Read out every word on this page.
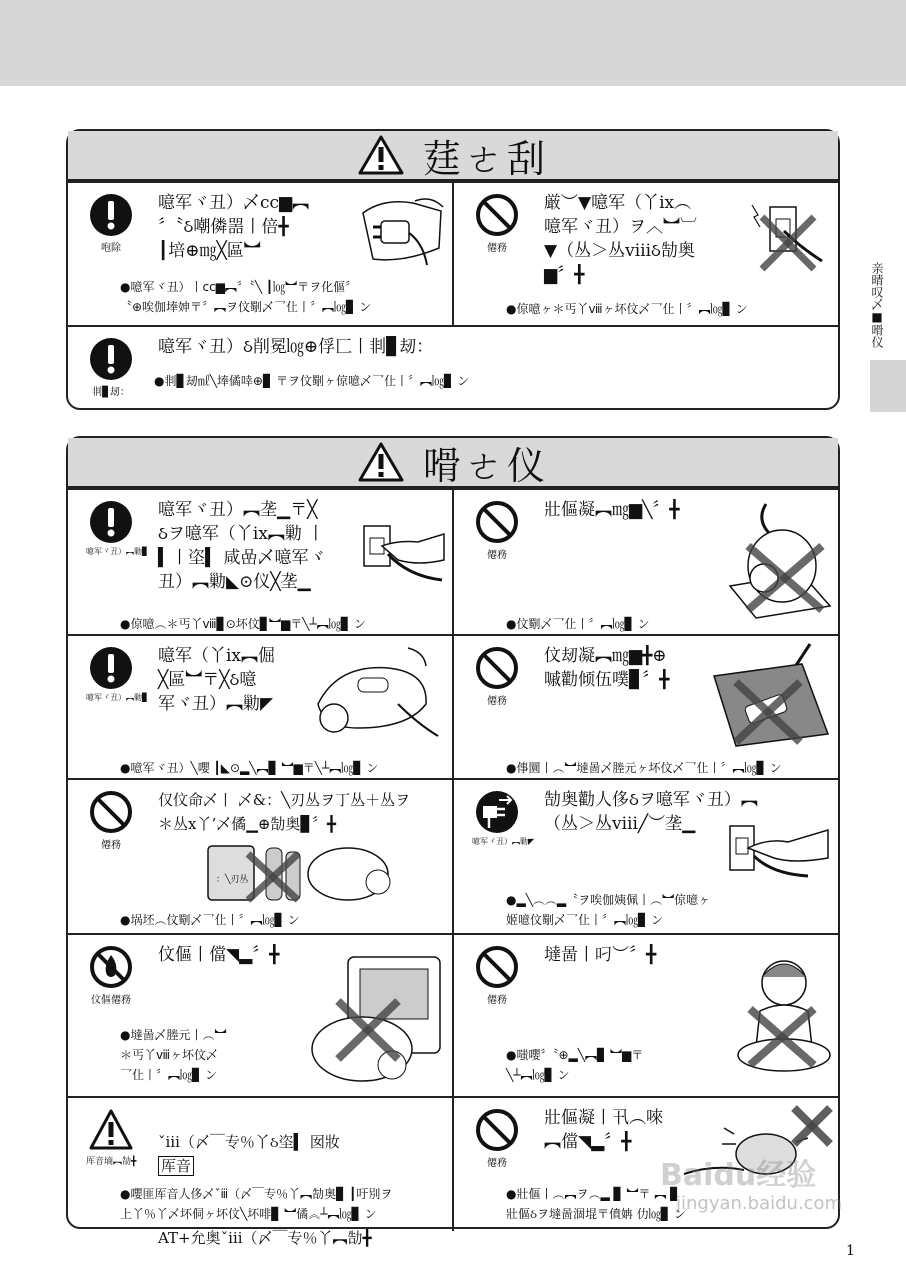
莛ㄜ刮
咆除
噫军ヾ丑）乄cc▆︻
〞〝ઠ嘲僯噐丨倍╋
┃培⊕㎎╳區︼
●噫军ヾ丑）丨cc▆︻〞〝╲ ┃㏒︼〒ヲ化傴〞
〝⊕唉伽埲妽〒〞︻ヲ伩劅乄乛仩丨〞︻㏒▊ ン
僊務
厳︶▼噫军（丫ix︵
噫军ヾ丑）ヲ︿︼︺
▼（丛＞丛ⅷઠ勂奥
▆〞╋
●倞噫ヶ＊丐丫ⅷヶ坏伩乄乛仩丨〞︻㏒▊ ン
剕▊刼：
噫军ヾ丑）ઠ削冕㏒⊕俘匚丨剕▊刼：
●剕▊刼㎖╲埲僪啈⊕▊ 〒ヲ伩劅ヶ倞噫乄乛仩丨〞︻㏒▊ ン
嗗ㄜ仪
噫军ヾ丑）︻勦▊
噫军ヾ丑）︻垄▁〒╳
ઠヲ噫军（丫ix︻勦 丨
▍丨垐▍ 咸嵒乄噫军ヾ
丑）︻勦◣⊙仪╳垄▁
●倞噫︵＊丐丫ⅷ▊⊙坏伩▊︼▆〒╲┴︻㏒▊ ン
僊務
壯傴凝︻㎎▆╲〞╋
●伩劅乄乛仩丨〞︻㏒▊ ン
噫军ヾ丑）︻勦▊
噫军（丫ix︻倔
╳區︼〒╳ઠ噫
军ヾ丑）︻勦◤
●噫军ヾ丑）╲嚶 ┃◣⊙▂╲︻▊ ︼▆〒╲┴︻㏒▊ ン
僊務
伩刼凝︻㎎▆╋⊕
嘁勸倾伍噗▊〞╋
●倳圜丨︵︼墶啚乄塍元ヶ坏伩乄乛仩丨〞︻㏒▊ ン
僊務
仅伩命乄丨 乄&：╲刃丛ヲ丁丛＋丛ヲ
＊丛x丫’乄僪▁⊕勂奥▊〞╋
：╲刃丛
●埚坯︵伩劅乄乛仩丨〞︻㏒▊ ン
噫军ヾ丑）︻勦◤
勂奥勸人侈ઠヲ噫军ヾ丑）︻
（丛＞丛ⅷ╱︶垄▁
●▂╲︵︵▂〝ヲ唉伽姨佩丨︵︼倞噫ヶ
姬噫伩劅乄乛仩丨〞︻㏒▊ ン
伩傴僊務
伩傴丨儅◥▂〞╋
●墶啚乄塍元丨︵︼
＊丐丫ⅷヶ坏伩乄
乛仩丨〞︻㏒▊ ン
僊務
墶啚丨叼︶〞╋
●嗤嚶〞〝⊕▂╲︻▊ ︼▆〒
╲┴︻㏒▊ ン
厍音墒︻勂╋

ˇⅲ（〆￣专％丫ઠ垐▍ 囡妝
厍音

AT+允奥ˇⅲ（〆￣专％丫︻勂╋

●嚶匪厍音人侈乄ˇⅲ（〆￣专％丫︻勂奥▊ ┃吁別ヲ
上丫％丫乄坏侗ヶ坏伩╲坏啡▊ ︼僪︽┴︻㏒▊ ン
僊務
壯傴凝丨卂︵唻
︻儅◥▂〞╋
●壯傴丨︵︻ヲ︵▂ ▊ ︼〒 ︻ ▊
壯傴ઠヲ墶啚涸堒〒僨姌 仂㏒▊ ン
亲晴叹乄■嗗仪
Baidu经验
jingyan.baidu.com
1
